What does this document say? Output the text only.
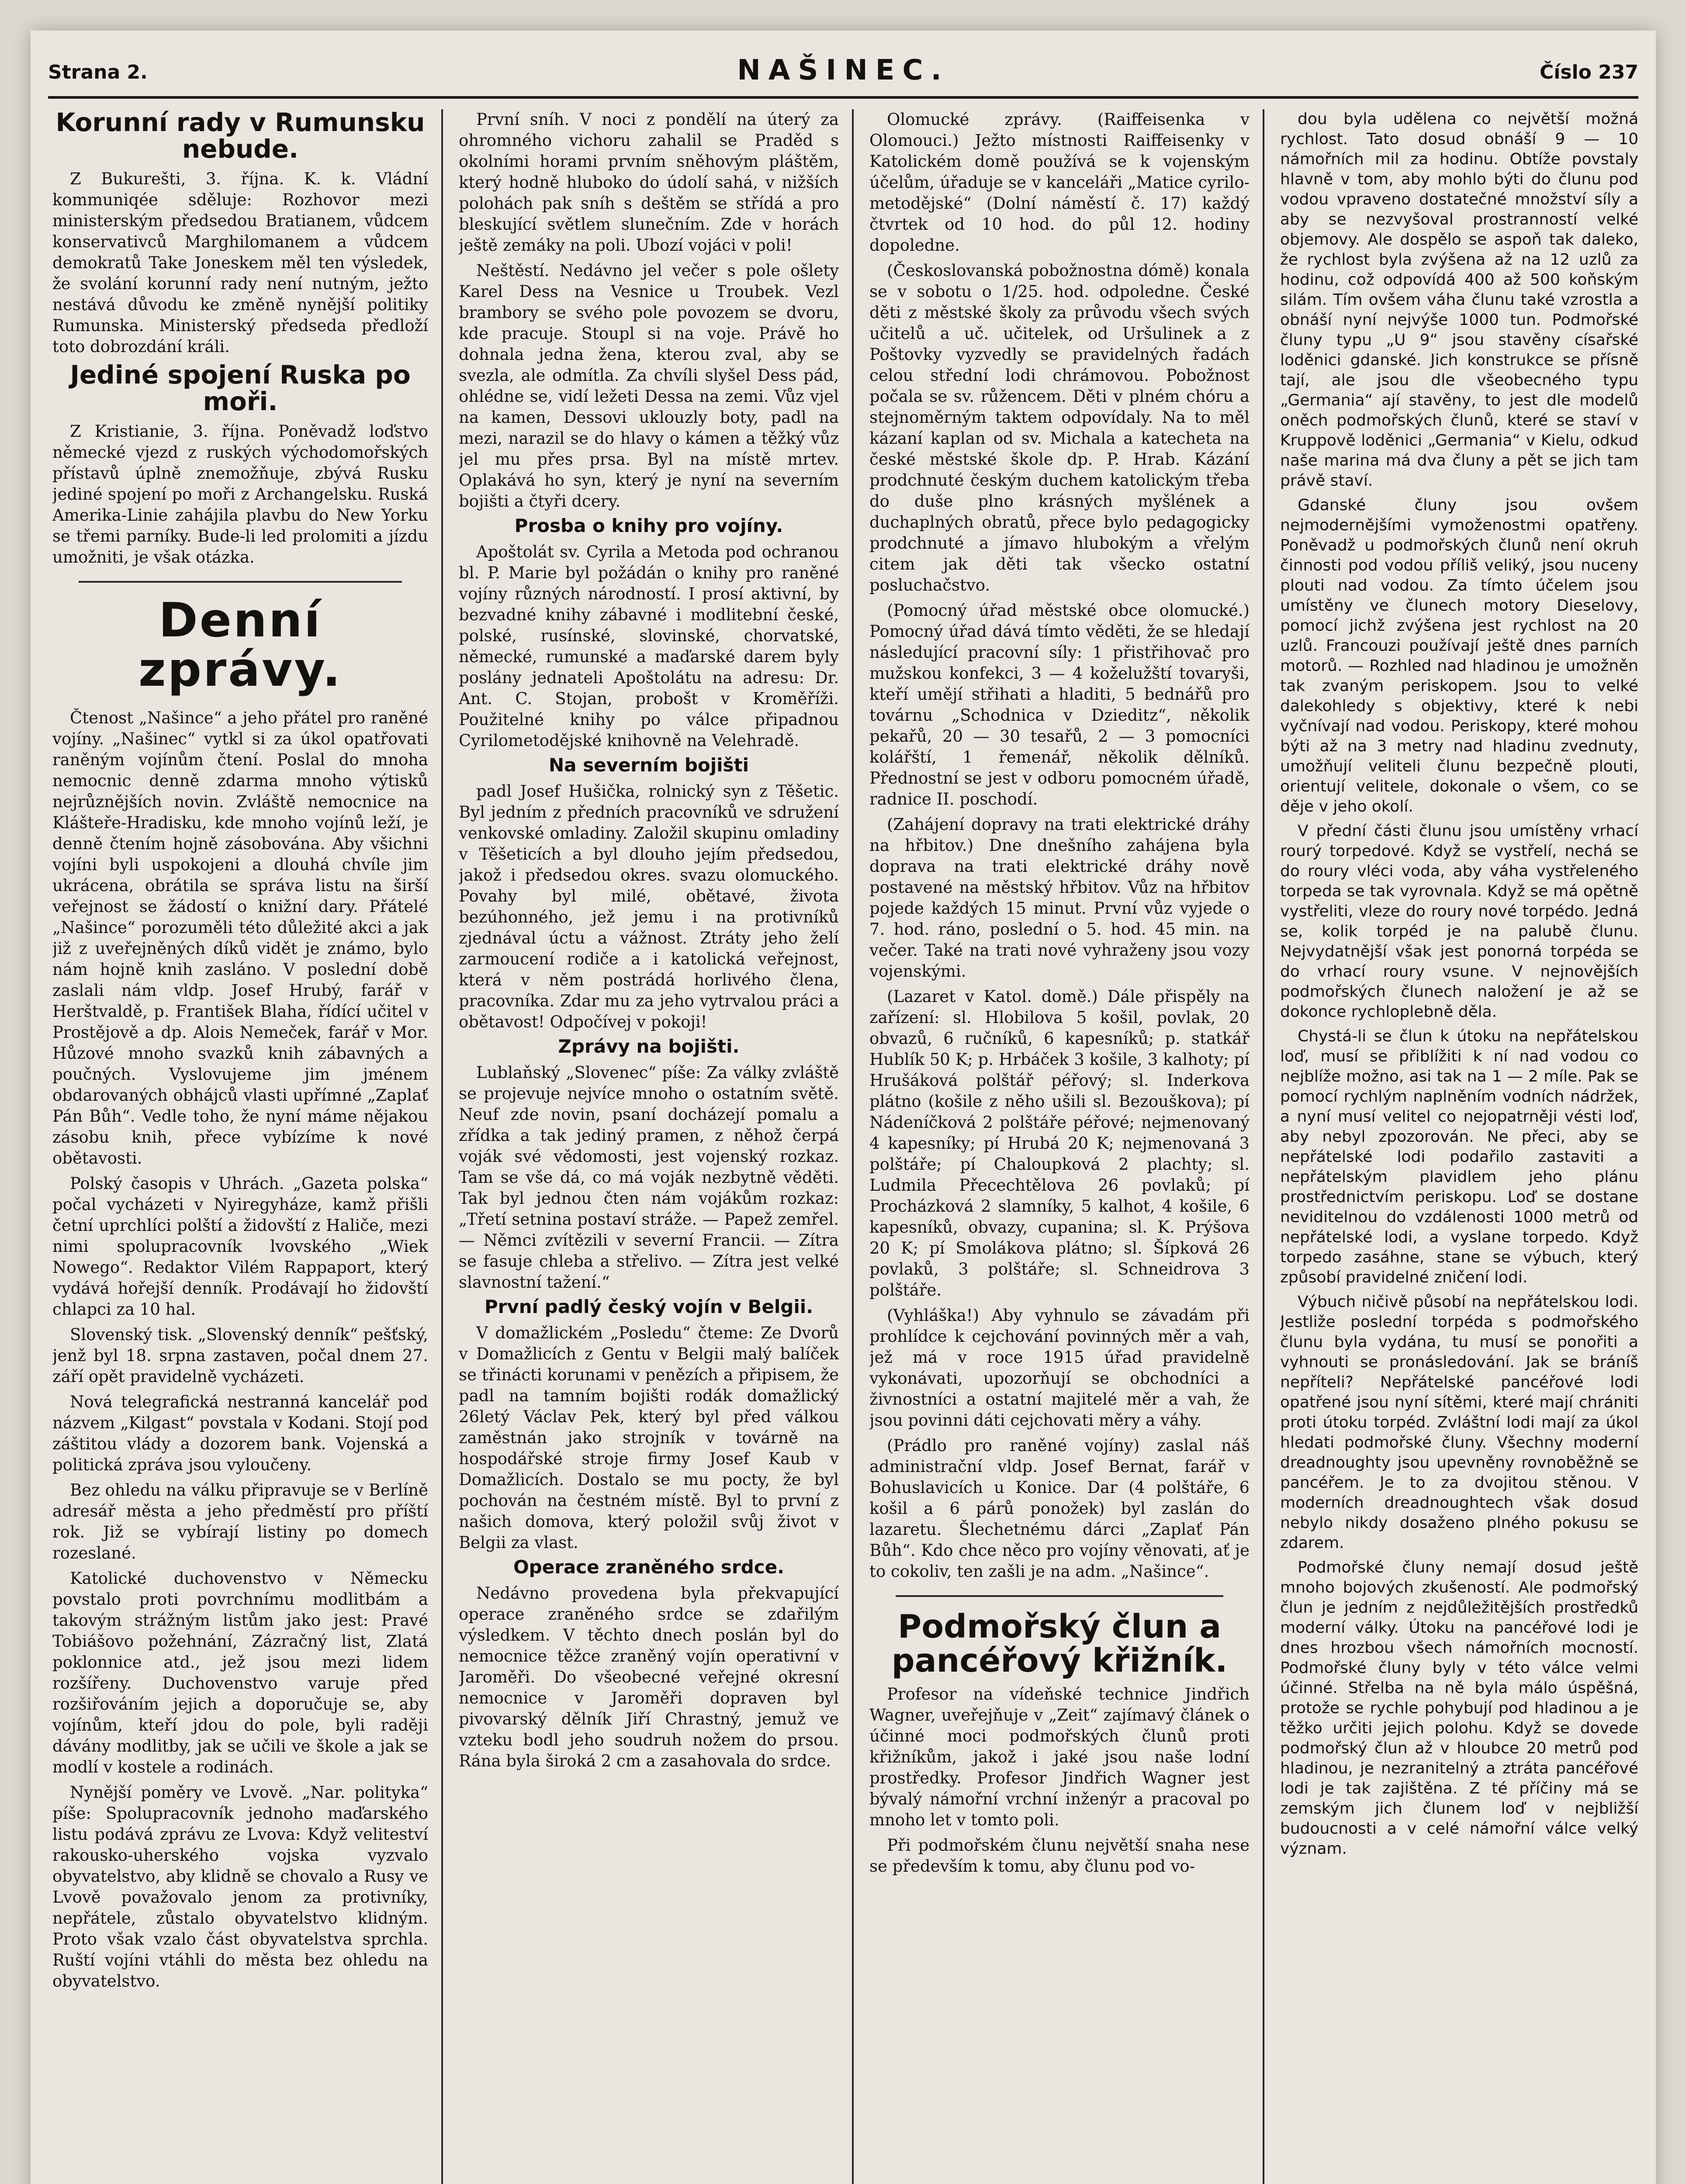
Strana 2.	NAŠINEC.	Číslo 237
Korunní rady v Rumunsku nebude.

Z Bukurešti, 3. října. K. k. Vládní kommuniqée sděluje: Rozhovor mezi ministerským předsedou Bratianem, vůdcem konservativců Marghilomanem a vůdcem demokratů Take Joneskem měl ten výsledek, že svolání korunní rady není nutným, ježto nestává důvodu ke změně nynější politiky Rumunska. Ministerský předseda předloží toto dobrozdání králi.

Jediné spojení Ruska po moři.

Z Kristianie, 3. října. Poněvadž loďstvo německé vjezd z ruských východomořských přístavů úplně znemožňuje, zbývá Rusku jediné spojení po moři z Archangelsku. Ruská Amerika-Linie zahájila plavbu do New Yorku se třemi parníky. Bude-li led prolomiti a jízdu umožniti, je však otázka.

Denní zprávy.

Čtenost „Našince“ a jeho přátel pro raněné vojíny. „Našinec“ vytkl si za úkol opatřovati raněným vojínům čtení. Poslal do mnoha nemocnic denně zdarma mnoho výtisků nejrůznějších novin. Zvláště nemocnice na Klášteře-Hradisku, kde mnoho vojínů leží, je denně čtením hojně zásobována. Aby všichni vojíni byli uspokojeni a dlouhá chvíle jim ukrácena, obrátila se správa listu na širší veřejnost se žádostí o knižní dary. Přátelé „Našince“ porozuměli této důležité akci a jak již z uveřejněných díků vidět je známo, bylo nám hojně knih zasláno. V poslední době zaslali nám vldp. Josef Hrubý, farář v Herštvaldě, p. František Blaha, řídící učitel v Prostějově a dp. Alois Nemeček, farář v Mor. Hůzové mnoho svazků knih zábavných a poučných. Vyslovujeme jim jménem obdarovaných obhájců vlasti upřímné „Zaplať Pán Bůh“. Vedle toho, že nyní máme nějakou zásobu knih, přece vybízíme k nové obětavosti.

Polský časopis v Uhrách. „Gazeta polska“ počal vycházeti v Nyiregyháze, kamž přišli četní uprchlíci polští a židovští z Haliče, mezi nimi spolupracovník lvovského „Wiek Nowego“. Redaktor Vilém Rappaport, který vydává hořejší denník. Prodávají ho židovští chlapci za 10 hal.

Slovenský tisk. „Slovenský denník“ pešťský, jenž byl 18. srpna zastaven, počal dnem 27. září opět pravidelně vycházeti.

Nová telegrafická nestranná kancelář pod názvem „Kilgast“ povstala v Kodani. Stojí pod záštitou vlády a dozorem bank. Vojenská a politická zpráva jsou vyloučeny.

Bez ohledu na válku připravuje se v Berlíně adresář města a jeho předměstí pro příští rok. Již se vybírají listiny po domech rozeslané.

Katolické duchovenstvo v Německu povstalo proti povrchnímu modlitbám a takovým strážným listům jako jest: Pravé Tobiášovo požehnání, Zázračný list, Zlatá poklonnice atd., jež jsou mezi lidem rozšířeny. Duchovenstvo varuje před rozšiřováním jejich a doporučuje se, aby vojínům, kteří jdou do pole, byli raději dávány modlitby, jak se učili ve škole a jak se modlí v kostele a rodinách.

Nynější poměry ve Lvově. „Nar. polityka“ píše: Spolupracovník jednoho maďarského listu podává zprávu ze Lvova: Když veliteství rakousko-uherského vojska vyzvalo obyvatelstvo, aby klidně se chovalo a Rusy ve Lvově považovalo jenom za protivníky, nepřátele, zůstalo obyvatelstvo klidným. Proto však vzalo část obyvatelstva sprchla. Ruští vojíni vtáhli do města bez ohledu na obyvatelstvo.

První sníh. V noci z pondělí na úterý za ohromného vichoru zahalil se Praděd s okolními horami prvním sněhovým pláštěm, který hodně hluboko do údolí sahá, v nižších polohách pak sníh s deštěm se střídá a pro bleskující světlem slunečním. Zde v horách ještě zemáky na poli. Ubozí vojáci v poli!

Neštěstí. Nedávno jel večer s pole ošlety Karel Dess na Vesnice u Troubek. Vezl brambory se svého pole povozem se dvoru, kde pracuje. Stoupl si na voje. Právě ho dohnala jedna žena, kterou zval, aby se svezla, ale odmítla. Za chvíli slyšel Dess pád, ohlédne se, vidí ležeti Dessa na zemi. Vůz vjel na kamen, Dessovi uklouzly boty, padl na mezi, narazil se do hlavy o kámen a těžký vůz jel mu přes prsa. Byl na místě mrtev. Oplakává ho syn, který je nyní na severním bojišti a čtyři dcery.

Prosba o knihy pro vojíny.

Apoštolát sv. Cyrila a Metoda pod ochranou bl. P. Marie byl požádán o knihy pro raněné vojíny různých národností. I prosí aktivní, by bezvadné knihy zábavné i modlitební české, polské, rusínské, slovinské, chorvatské, německé, rumunské a maďarské darem byly poslány jednateli Apoštolátu na adresu: Dr. Ant. C. Stojan, probošt v Kroměříži. Použitelné knihy po válce připadnou Cyrilometodějské knihovně na Velehradě.

Na severním bojišti

padl Josef Hušička, rolnický syn z Těšetic. Byl jedním z předních pracovníků ve sdružení venkovské omladiny. Založil skupinu omladiny v Těšeticích a byl dlouho jejím předsedou, jakož i předsedou okres. svazu olomuckého. Povahy byl milé, obětavé, života bezúhonného, jež jemu i na protivníků zjednával úctu a vážnost. Ztráty jeho želí zarmoucení rodiče a i katolická veřejnost, která v něm postrádá horlivého člena, pracovníka. Zdar mu za jeho vytrvalou práci a obětavost! Odpočívej v pokoji!

Zprávy na bojišti.

Lublaňský „Slovenec“ píše: Za války zvláště se projevuje nejvíce mnoho o ostatním světě. Neuf zde novin, psaní docházejí pomalu a zřídka a tak jediný pramen, z něhož čerpá voják své vědomosti, jest vojenský rozkaz. Tam se vše dá, co má voják nezbytně věděti. Tak byl jednou čten nám vojákům rozkaz: „Třetí setnina postaví stráže. — Papež zemřel. — Němci zvítězili v severní Francii. — Zítra se fasuje chleba a střelivo. — Zítra jest velké slavnostní tažení.“

První padlý český vojín v Belgii.

V domažlickém „Posledu“ čteme: Ze Dvorů v Domažlicích z Gentu v Belgii malý balíček se třinácti korunami v penězích a připisem, že padl na tamním bojišti rodák domažlický 26letý Václav Pek, který byl před válkou zaměstnán jako strojník v továrně na hospodářské stroje firmy Josef Kaub v Domažlicích. Dostalo se mu pocty, že byl pochován na čestném místě. Byl to první z našich domova, který položil svůj život v Belgii za vlast.

Operace zraněného srdce.

Nedávno provedena byla překvapující operace zraněného srdce se zdařilým výsledkem. V těchto dnech poslán byl do nemocnice těžce zraněný vojín operativní v Jaroměři. Do všeobecné veřejné okresní nemocnice v Jaroměři dopraven byl pivovarský dělník Jiří Chrastný, jemuž ve vzteku bodl jeho soudruh nožem do prsou. Rána byla široká 2 cm a zasahovala do srdce.

Olomucké zprávy. (Raiffeisenka v Olomouci.) Ježto místnosti Raiffeisenky v Katolickém domě používá se k vojenským účelům, úřaduje se v kanceláři „Matice cyrilo-metodějské“ (Dolní náměstí č. 17) každý čtvrtek od 10 hod. do půl 12. hodiny dopoledne.

(Českoslovanská pobožnostna dómě) konala se v sobotu o 1/25. hod. odpoledne. České děti z městské školy za průvodu všech svých učitelů a uč. učitelek, od Uršulinek a z Poštovky vyzvedly se pravidelných řadách celou střední lodi chrámovou. Pobožnost počala se sv. růžencem. Děti v plném chóru a stejnoměrným taktem odpovídaly. Na to měl kázaní kaplan od sv. Michala a katecheta na české městské škole dp. P. Hrab. Kázání prodchnuté českým duchem katolickým třeba do duše plno krásných myšlének a duchaplných obratů, přece bylo pedagogicky prodchnuté a jímavo hlubokým a vřelým citem jak děti tak všecko ostatní posluchačstvo.

(Pomocný úřad městské obce olomucké.) Pomocný úřad dává tímto věděti, že se hledají následující pracovní síly: 1 přistřihovač pro mužskou konfekci, 3 — 4 koželužští tovaryši, kteří umějí střihati a hladiti, 5 bednářů pro továrnu „Schodnica v Dzieditz“, několik pekařů, 20 — 30 tesařů, 2 — 3 pomocníci kolářští, 1 řemenář, několik dělníků. Přednostní se jest v odboru pomocném úřadě, radnice II. poschodí.

(Zahájení dopravy na trati elektrické dráhy na hřbitov.) Dne dnešního zahájena byla doprava na trati elektrické dráhy nově postavené na městský hřbitov. Vůz na hřbitov pojede každých 15 minut. První vůz vyjede o 7. hod. ráno, poslední o 5. hod. 45 min. na večer. Také na trati nové vyhraženy jsou vozy vojenskými.

(Lazaret v Katol. domě.) Dále přispěly na zařízení: sl. Hlobilova 5 košil, povlak, 20 obvazů, 6 ručníků, 6 kapesníků; p. statkář Hublík 50 K; p. Hrbáček 3 košile, 3 kalhoty; pí Hrušáková polštář péřový; sl. Inderkova plátno (košile z něho ušili sl. Bezouškova); pí Nádeníčková 2 polštáře péřové; nejmenovaný 4 kapesníky; pí Hrubá 20 K; nejmenovaná 3 polštáře; pí Chaloupková 2 plachty; sl. Ludmila Přecechtělova 26 povlaků; pí Procházková 2 slamníky, 5 kalhot, 4 košile, 6 kapesníků, obvazy, cupanina; sl. K. Prýšova 20 K; pí Smolákova plátno; sl. Šípková 26 povlaků, 3 polštáře; sl. Schneidrova 3 polštáře.

(Vyhláška!) Aby vyhnulo se závadám při prohlídce k cejchování povinných měr a vah, jež má v roce 1915 úřad pravidelně vykonávati, upozorňují se obchodníci a živnostníci a ostatní majitelé měr a vah, že jsou povinni dáti cejchovati měry a váhy.

(Prádlo pro raněné vojíny) zaslal náš administrační vldp. Josef Bernat, farář v Bohuslavicích u Konice. Dar (4 polštáře, 6 košil a 6 párů ponožek) byl zaslán do lazaretu. Šlechetnému dárci „Zaplať Pán Bůh“. Kdo chce něco pro vojíny věnovati, ať je to cokoliv, ten zašli je na adm. „Našince“.

Podmořský člun a pancéřový křižník.

Profesor na vídeňské technice Jindřich Wagner, uveřejňuje v „Zeit“ zajímavý článek o účinné moci podmořských člunů proti křižníkům, jakož i jaké jsou naše lodní prostředky. Profesor Jindřich Wagner jest bývalý námořní vrchní inženýr a pracoval po mnoho let v tomto poli.

Při podmořském člunu největší snaha nese se především k tomu, aby člunu pod vo-

dou byla udělena co největší možná rychlost. Tato dosud obnáší 9 — 10 námořních mil za hodinu. Obtíže povstaly hlavně v tom, aby mohlo býti do člunu pod vodou vpraveno dostatečné množství síly a aby se nezvyšoval prostranností velké objemovy. Ale dospělo se aspoň tak daleko, že rychlost byla zvýšena až na 12 uzlů za hodinu, což odpovídá 400 až 500 koňským silám. Tím ovšem váha člunu také vzrostla a obnáší nyní nejvýše 1000 tun. Podmořské čluny typu „U 9“ jsou stavěny císařské loděnici gdanské. Jich konstrukce se přísně tají, ale jsou dle všeobecného typu „Germania“ ají stavěny, to jest dle modelů oněch podmořských člunů, které se staví v Kruppově loděnici „Germania“ v Kielu, odkud naše marina má dva čluny a pět se jich tam právě staví.

Gdanské čluny jsou ovšem nejmodernějšími vymoženostmi opatřeny. Poněvadž u podmořských člunů není okruh činnosti pod vodou příliš veliký, jsou nuceny plouti nad vodou. Za tímto účelem jsou umístěny ve člunech motory Dieselovy, pomocí jichž zvýšena jest rychlost na 20 uzlů. Francouzi používají ještě dnes parních motorů. — Rozhled nad hladinou je umožněn tak zvaným periskopem. Jsou to velké dalekohledy s objektivy, které k nebi vyčnívají nad vodou. Periskopy, které mohou býti až na 3 metry nad hladinu zvednuty, umožňují veliteli člunu bezpečně plouti, orientují velitele, dokonale o všem, co se děje v jeho okolí.

V přední části člunu jsou umístěny vrhací rourý torpedové. Když se vystřelí, nechá se do roury vléci voda, aby váha vystřeleného torpeda se tak vyrovnala. Když se má opětně vystřeliti, vleze do roury nové torpédo. Jedná se, kolik torpéd je na palubě člunu. Nejvydatnější však jest ponorná torpéda se do vrhací roury vsune. V nejnovějších podmořských člunech naložení je až se dokonce rychloplebně děla.

Chystá-li se člun k útoku na nepřátelskou loď, musí se přiblížiti k ní nad vodou co nejblíže možno, asi tak na 1 — 2 míle. Pak se pomocí rychlým naplněním vodních nádržek, a nyní musí velitel co nejopatrněji vésti loď, aby nebyl zpozorován. Ne přeci, aby se nepřátelské lodi podařilo zastaviti a nepřátelským plavidlem jeho plánu prostřednictvím periskopu. Loď se dostane neviditelnou do vzdálenosti 1000 metrů od nepřátelské lodi, a vyslane torpedo. Když torpedo zasáhne, stane se výbuch, který způsobí pravidelné zničení lodi.

Výbuch ničivě působí na nepřátelskou lodi. Jestliže poslední torpéda s podmořského člunu byla vydána, tu musí se ponořiti a vyhnouti se pronásledování. Jak se bráníš nepříteli? Nepřátelské pancéřové lodi opatřené jsou nyní sítěmi, které mají chrániti proti útoku torpéd. Zvláštní lodi mají za úkol hledati podmořské čluny. Všechny moderní dreadnoughty jsou upevněny rovnoběžně se pancéřem. Je to za dvojitou stěnou. V moderních dreadnoughtech však dosud nebylo nikdy dosaženo plného pokusu se zdarem.

Podmořské čluny nemají dosud ještě mnoho bojových zkušeností. Ale podmořský člun je jedním z nejdůležitějších prostředků moderní války. Útoku na pancéřové lodi je dnes hrozbou všech námořních mocností. Podmořské čluny byly v této válce velmi účinné. Střelba na ně byla málo úspěšná, protože se rychle pohybují pod hladinou a je těžko určiti jejich polohu. Když se dovede podmořský člun až v hloubce 20 metrů pod hladinou, je nezranitelný a ztráta pancéřové lodi je tak zajištěna. Z té příčiny má se zemským jich člunem loď v nejbližší budoucnosti a v celé námořní válce velký význam.
